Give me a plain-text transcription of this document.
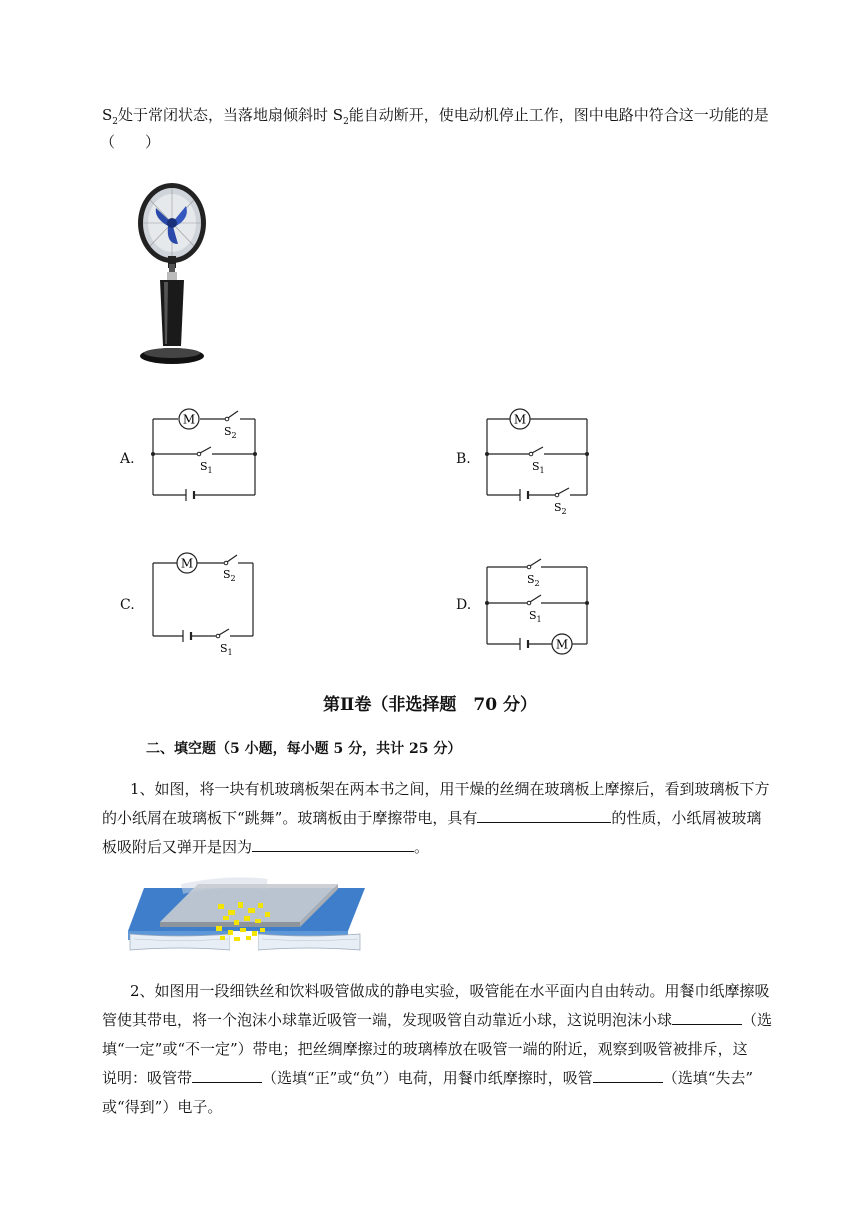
$S_2$处于常闭状态，当落地扇倾斜时 $S_2$能自动断开，使电动机停止工作，图中电路中符合这一功能的是
（　　）
A.
M
$S_2$
$S_1$
B.
M
$S_1$
$S_2$
C.
M
$S_2$
$S_1$
D.
$S_2$
$S_1$
M
第Ⅱ卷（非选择题　70 分）
二、填空题（5 小题，每小题 5 分，共计 25 分）
1、如图，将一块有机玻璃板架在两本书之间，用干燥的丝绸在玻璃板上摩擦后，看到玻璃板下方
的小纸屑在玻璃板下“跳舞”。玻璃板由于摩擦带电，具有	的性质，小纸屑被玻璃
板吸附后又弹开是因为	。
2、如图用一段细铁丝和饮料吸管做成的静电实验，吸管能在水平面内自由转动。用餐巾纸摩擦吸
管使其带电，将一个泡沫小球靠近吸管一端，发现吸管自动靠近小球，这说明泡沫小球	（选
填“一定”或“不一定”）带电；把丝绸摩擦过的玻璃棒放在吸管一端的附近，观察到吸管被排斥，这
说明：吸管带	（选填“正”或“负”）电荷，用餐巾纸摩擦时，吸管	（选填“失去”
或“得到”）电子。
